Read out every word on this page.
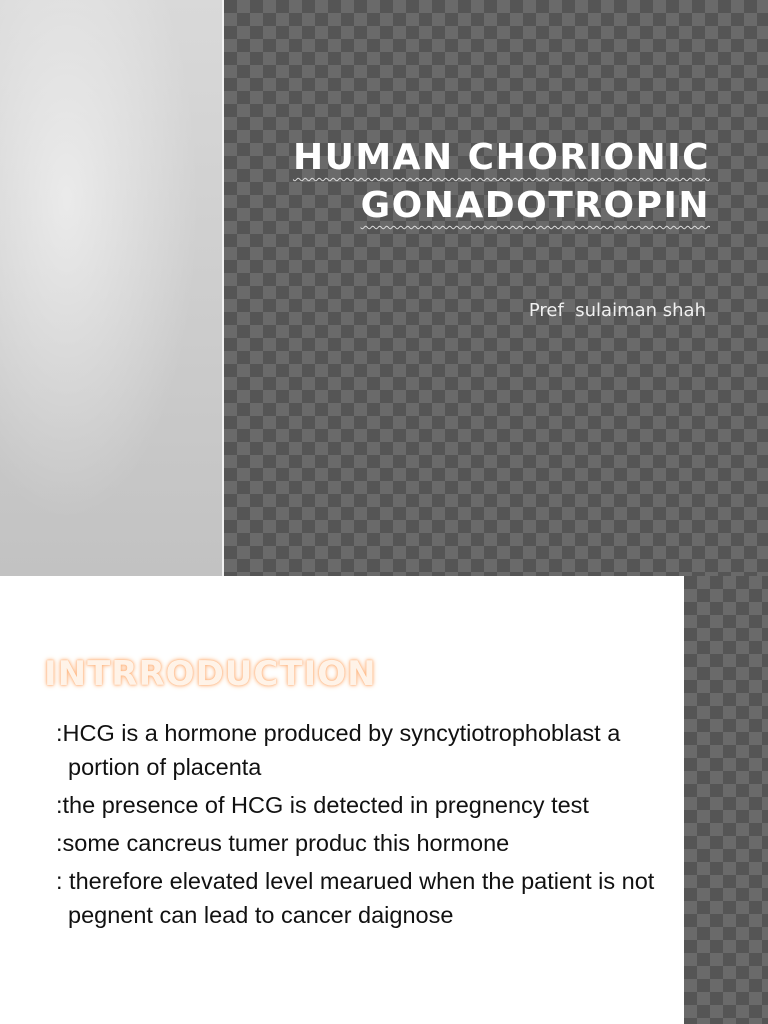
HUMAN CHORIONIC
GONADOTROPIN
Pref  sulaiman shah
INTRRODUCTION
:HCG is a hormone produced by syncytiotrophoblast a portion of placenta
:the presence of HCG is detected in pregnency test
:some cancreus tumer produc this hormone
: therefore elevated level mearued when the patient is not pegnent can lead to cancer daignose
